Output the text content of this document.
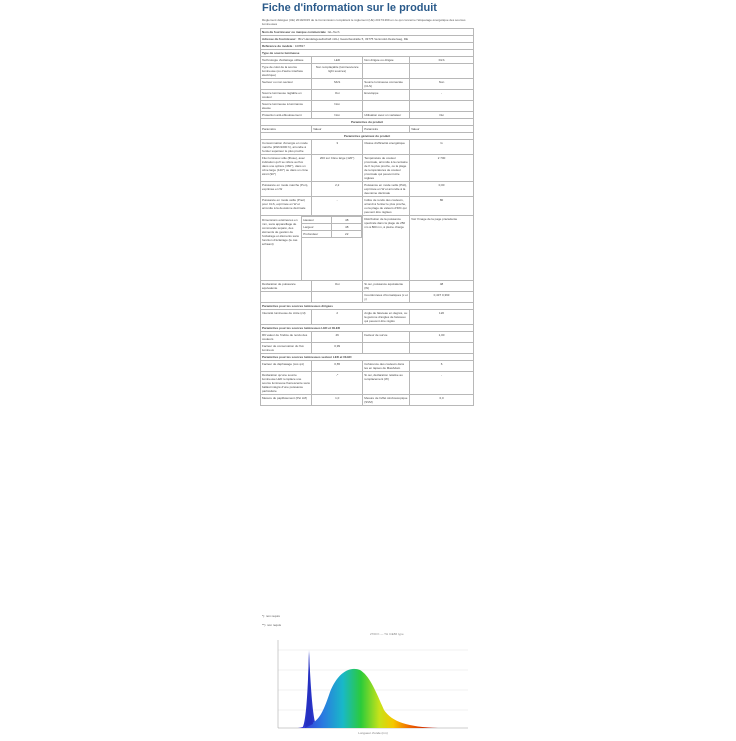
Fiche d'information sur le produit
Règlement délégué (UE) 2019/2015 de la Commission complétant le règlement (UE) 2017/1369 en ce qui concerne l'étiquetage énergétique des sources lumineuses
Nom du fournisseur ou marque commerciale : EL-Tech
Adresse du fournisseur : BLV Handelsgesellschaft mbH, Gewerbestraße 5, 33775 Versmold-Oesterweg, DE
Référence du modèle : 108837
Type de source lumineuse
Technologie d'éclairage utilisée	LED	Non dirigée ou dirigée	DLS
Type de culot de la source lumineuse (ou d'autre interface électrique)	Non remplaçable (luminescence light sources)		
Secteur ou non secteur	MLS	Source lumineuse connectée (CLS)	Non
Source lumineuse réglable en couleur	Oui	Enveloppe	-
Source lumineuse à luminance élevée	Non		
Protection anti-éblouissement	Non	Utilisation avec un variateur	Oui
Paramètres du produit
Paramètre	Valeur	Paramètre	Valeur
Paramètres généraux du produit
Consommation d'énergie en mode marche (kWh/1000 h), arrondie à l'entier supérieur le plus proche	3	Classe d'efficacité énergétique	G
Flux lumineux utile (Φuse), avec indication qu'il se réfère au flux dans une sphère (360°), dans un cône large (120°) ou dans un cône étroit (90°)	200 sur Cône large (120°)	Température de couleur proximale, arrondie à la centaine de K la plus proche, ou la plage de températures de couleur proximale qui peuvent être réglées	2 700
Puissance en mode marche (Pon), exprimée en W	2,2	Puissance en mode veille (Psb), exprimée en W et arrondie à la deuxième décimale	0,00
Puissance en mode veille (Pnet) pour CLS, exprimée en W et arrondie à la deuxième décimale	-	Indice de rendu des couleurs, arrondi à l'entier le plus proche, ou la plage de valeurs d'IRC qui peuvent être réglées	80

Dimensions extérieures en mm, sans appareillage de commande séparé, des éléments de gestion de l'éclairage et éléments sans fonction d'éclairage (le cas échéant)	Hauteur	48
Largeur	48
Profondeur	22

	Distribution de la puissance spectrale dans la plage de 250 nm à 800 nm, à pleine charge	Voir l'image de la page précédente
Déclaration de puissance équivalente	Oui	Si oui, puissance équivalente (W)	48
		Coordonnées chromatiques (x et y)	0,437 0,393
Paramètres pour les sources lumineuses dirigées
Intensité lumineuse de crête (cd)	2	Angle de faisceau en degrés, ou la gamme d'angles de faisceau qui peuvent être réglés	120
Paramètres pour les sources lumineuses LED et OLED
R9 valeur de l'indice de rendu des couleurs	46	Facteur de survie	1,00
Facteur de conservation du flux lumineux	0,99		
Paramètres pour les sources lumineuses secteur LED et OLED
Facteur de déphasage (cos φ1)	0,65	Cohérence des couleurs dans les en lapses de MacAdam	6
Déclaration qu'une source lumineuse LED remplace une source lumineuse fluorescente sans ballast intégré d'une puissance particulière	-*	Si oui, déclaration relative au remplacement (W)	-
Mesure du papillotement (Pst LM)	1,0	Mesure de l'effet stroboscopique (SVM)	0,0
*): non requis
**): non requis
2700 K — TH CiE86 type
Longueur d'onde (nm)
